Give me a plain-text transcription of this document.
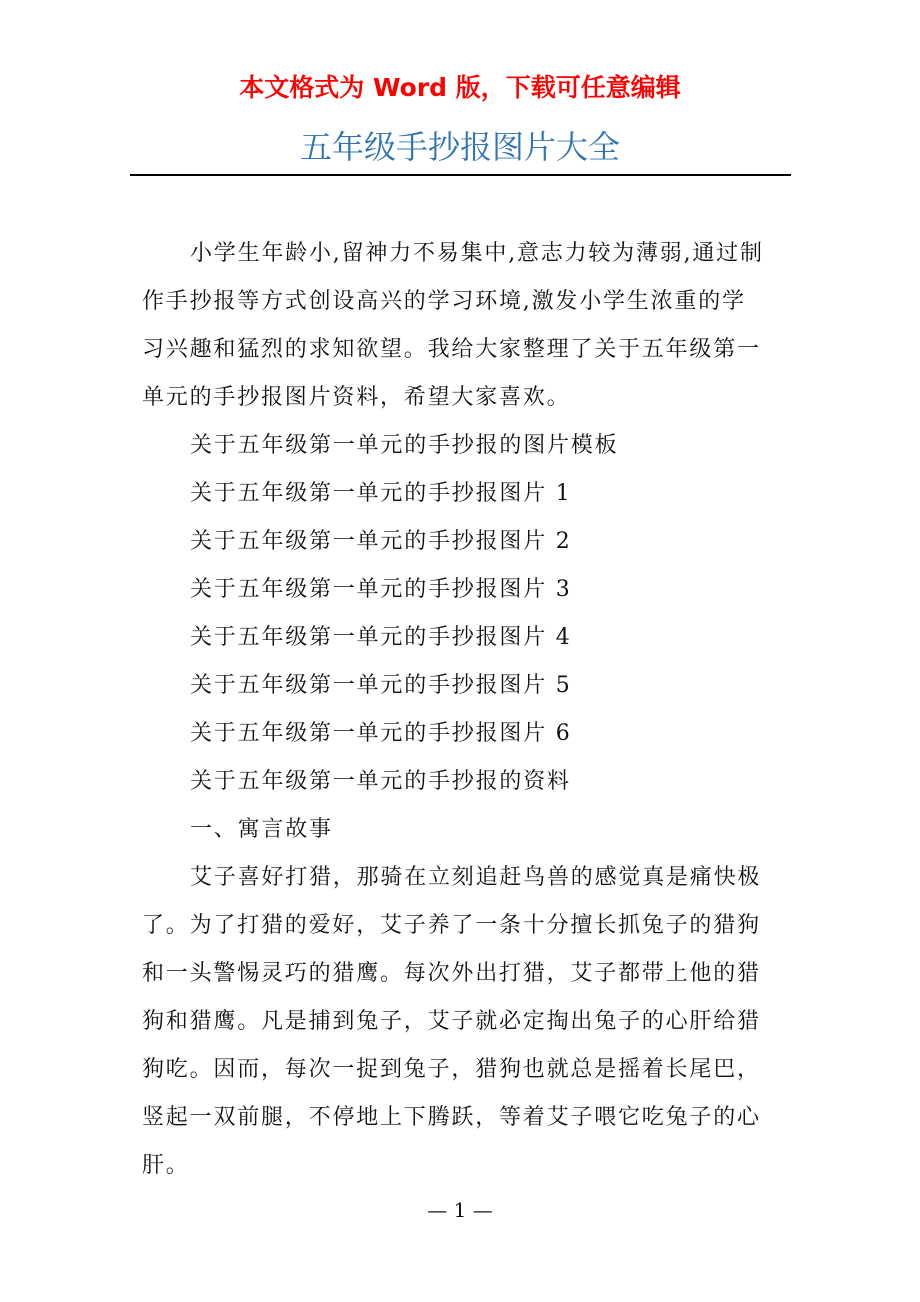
本文格式为 Word 版，下载可任意编辑
五年级手抄报图片大全
小学生年龄小,留神力不易集中,意志力较为薄弱,通过制
作手抄报等方式创设高兴的学习环境,激发小学生浓重的学
习兴趣和猛烈的求知欲望。我给大家整理了关于五年级第一
单元的手抄报图片资料，希望大家喜欢。
关于五年级第一单元的手抄报的图片模板
关于五年级第一单元的手抄报图片 1
关于五年级第一单元的手抄报图片 2
关于五年级第一单元的手抄报图片 3
关于五年级第一单元的手抄报图片 4
关于五年级第一单元的手抄报图片 5
关于五年级第一单元的手抄报图片 6
关于五年级第一单元的手抄报的资料
一、寓言故事
艾子喜好打猎，那骑在立刻追赶鸟兽的感觉真是痛快极
了。为了打猎的爱好，艾子养了一条十分擅长抓兔子的猎狗
和一头警惕灵巧的猎鹰。每次外出打猎，艾子都带上他的猎
狗和猎鹰。凡是捕到兔子，艾子就必定掏出兔子的心肝给猎
狗吃。因而，每次一捉到兔子，猎狗也就总是摇着长尾巴，
竖起一双前腿，不停地上下腾跃，等着艾子喂它吃兔子的心
肝。
— 1 —
